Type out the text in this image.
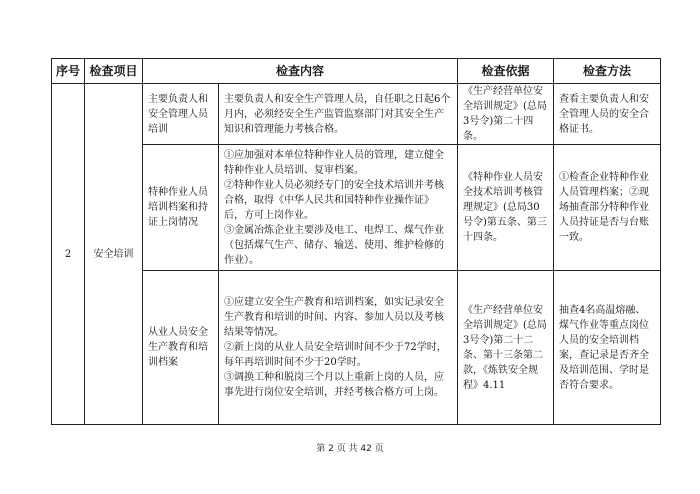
序号	检查项目	检查内容		检查依据	检查方法
2	安全培训	主要负责人和安全管理人员培训	主要负责人和安全生产管理人员，自任职之日起6个月内，必须经安全生产监管监察部门对其安全生产知识和管理能力考核合格。	《生产经营单位安全培训规定》(总局3号令)第二十四条。	查看主要负责人和安全管理人员的安全合格证书。
		特种作业人员培训档案和持证上岗情况	①应加强对本单位特种作业人员的管理，建立健全特种作业人员培训、复审档案。
②特种作业人员必须经专门的安全技术培训并考核合格，取得《中华人民共和国特种作业操作证》后，方可上岗作业。
③金属冶炼企业主要涉及电工、电焊工、煤气作业（包括煤气生产、储存、输送、使用、维护检修的作业）。	《特种作业人员安全技术培训考核管理规定》(总局30号令)第五条、第三十四条。	①检查企业特种作业人员管理档案；②现场抽查部分特种作业人员持证是否与台账一致。
		从业人员安全生产教育和培训档案	①应建立安全生产教育和培训档案，如实记录安全生产教育和培训的时间、内容、参加人员以及考核结果等情况。
②新上岗的从业人员安全培训时间不少于72学时，每年再培训时间不少于20学时。
③调换工种和脱岗三个月以上重新上岗的人员，应事先进行岗位安全培训，并经考核合格方可上岗。	《生产经营单位安全培训规定》(总局3号令)第二十二条、第十三条第二款，《炼铁安全规程》4.11	抽查4名高温熔融、煤气作业等重点岗位人员的安全培训档案，查记录是否齐全及培训范围、学时是否符合要求。
第 2 页 共 42 页
